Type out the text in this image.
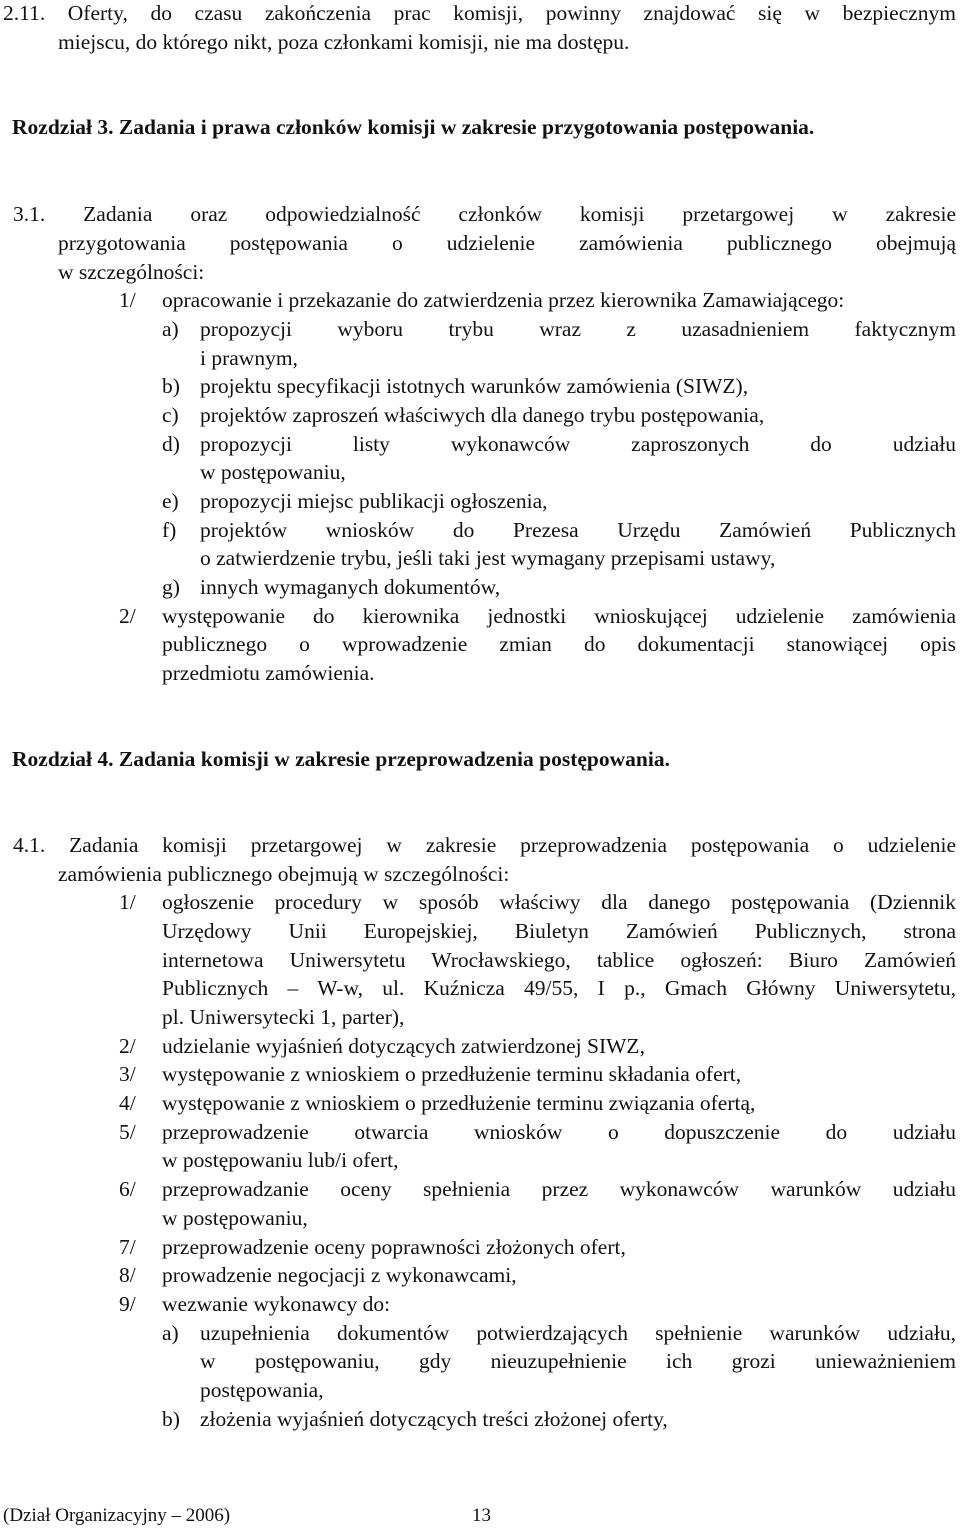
2.11. Oferty, do czasu zakończenia prac komisji, powinny znajdować się w bezpiecznym
miejscu, do którego nikt, poza członkami komisji, nie ma dostępu.
Rozdział 3. Zadania i prawa członków komisji w zakresie przygotowania postępowania.
3.1. Zadania oraz odpowiedzialność członków komisji przetargowej w zakresie
przygotowania postępowania o udzielenie zamówienia publicznego obejmują
w szczególności:
1/ opracowanie i przekazanie do zatwierdzenia przez kierownika Zamawiającego:
a) propozycji wyboru trybu wraz z uzasadnieniem faktycznym
i prawnym,
b) projektu specyfikacji istotnych warunków zamówienia (SIWZ),
c) projektów zaproszeń właściwych dla danego trybu postępowania,
d) propozycji listy wykonawców zaproszonych do udziału
w postępowaniu,
e) propozycji miejsc publikacji ogłoszenia,
f) projektów wniosków do Prezesa Urzędu Zamówień Publicznych
o zatwierdzenie trybu, jeśli taki jest wymagany przepisami ustawy,
g) innych wymaganych dokumentów,
2/ występowanie do kierownika jednostki wnioskującej udzielenie zamówienia
publicznego o wprowadzenie zmian do dokumentacji stanowiącej opis
przedmiotu zamówienia.
Rozdział 4. Zadania komisji w zakresie przeprowadzenia postępowania.
4.1. Zadania komisji przetargowej w zakresie przeprowadzenia postępowania o udzielenie
zamówienia publicznego obejmują w szczególności:
1/ ogłoszenie procedury w sposób właściwy dla danego postępowania (Dziennik
Urzędowy Unii Europejskiej, Biuletyn Zamówień Publicznych, strona
internetowa Uniwersytetu Wrocławskiego, tablice ogłoszeń: Biuro Zamówień
Publicznych – W-w, ul. Kuźnicza 49/55, I p., Gmach Główny Uniwersytetu,
pl. Uniwersytecki 1, parter),
2/ udzielanie wyjaśnień dotyczących zatwierdzonej SIWZ,
3/ występowanie z wnioskiem o przedłużenie terminu składania ofert,
4/ występowanie z wnioskiem o przedłużenie terminu związania ofertą,
5/ przeprowadzenie otwarcia wniosków o dopuszczenie do udziału
w postępowaniu lub/i ofert,
6/ przeprowadzanie oceny spełnienia przez wykonawców warunków udziału
w postępowaniu,
7/ przeprowadzenie oceny poprawności złożonych ofert,
8/ prowadzenie negocjacji z wykonawcami,
9/ wezwanie wykonawcy do:
a) uzupełnienia dokumentów potwierdzających spełnienie warunków udziału,
w postępowaniu, gdy nieuzupełnienie ich grozi unieważnieniem
postępowania,
b) złożenia wyjaśnień dotyczących treści złożonej oferty,
(Dział Organizacyjny – 2006)	13
